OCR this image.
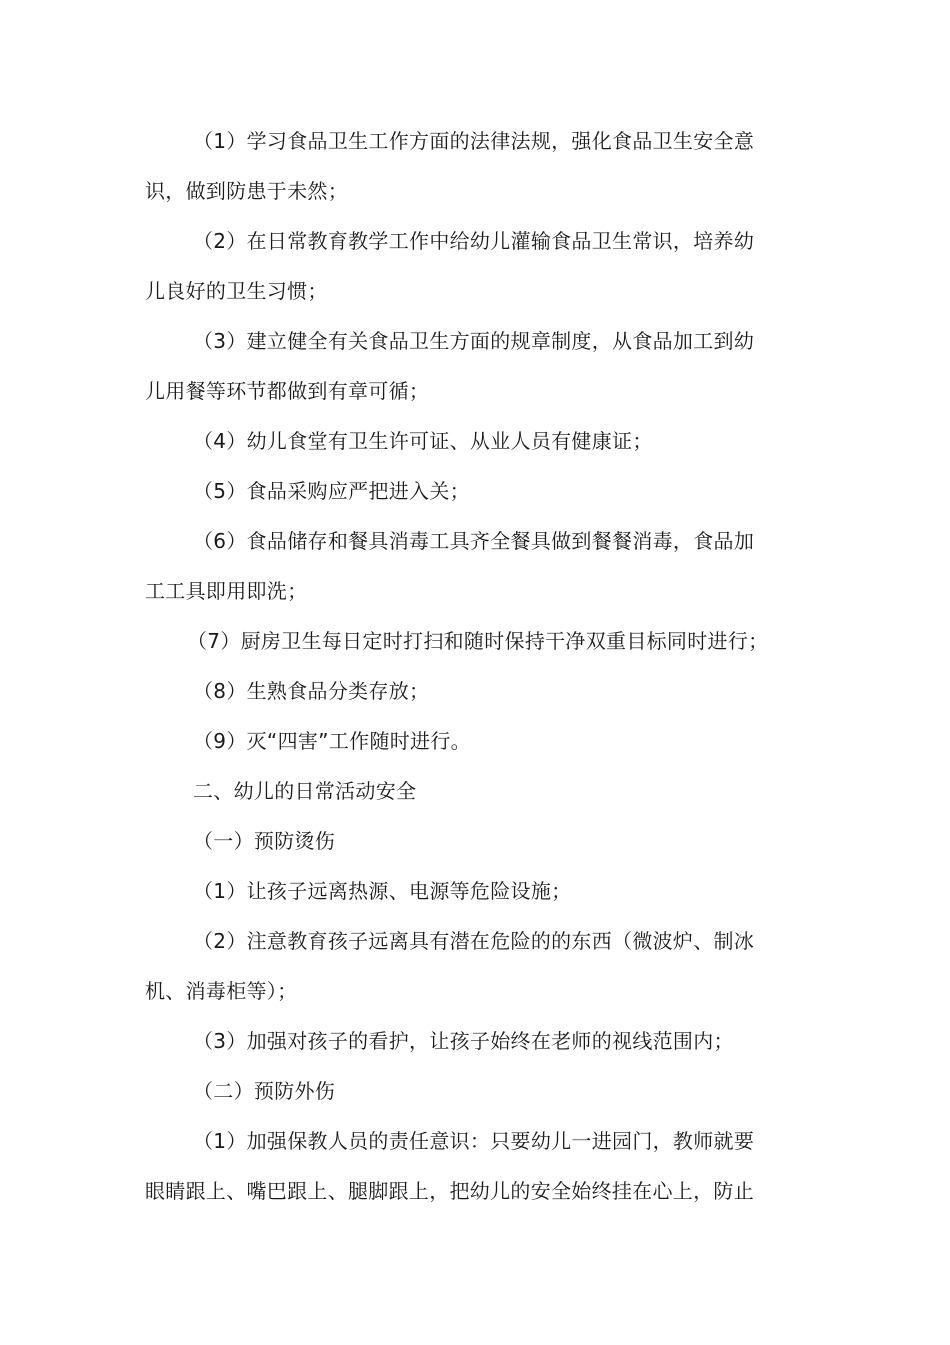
（1）学习食品卫生工作方面的法律法规，强化食品卫生安全意
识，做到防患于未然；
（2）在日常教育教学工作中给幼儿灌输食品卫生常识，培养幼
儿良好的卫生习惯；
（3）建立健全有关食品卫生方面的规章制度，从食品加工到幼
儿用餐等环节都做到有章可循；
（4）幼儿食堂有卫生许可证、从业人员有健康证；
（5）食品采购应严把进入关；
（6）食品储存和餐具消毒工具齐全餐具做到餐餐消毒，食品加
工工具即用即洗；
（7）厨房卫生每日定时打扫和随时保持干净双重目标同时进行；
（8）生熟食品分类存放；
（9）灭“四害”工作随时进行。
二、幼儿的日常活动安全
（一）预防烫伤
（1）让孩子远离热源、电源等危险设施；
（2）注意教育孩子远离具有潜在危险的的东西（微波炉、制冰
机、消毒柜等）；
（3）加强对孩子的看护，让孩子始终在老师的视线范围内；
（二）预防外伤
（1）加强保教人员的责任意识：只要幼儿一进园门，教师就要
眼睛跟上、嘴巴跟上、腿脚跟上，把幼儿的安全始终挂在心上，防止
